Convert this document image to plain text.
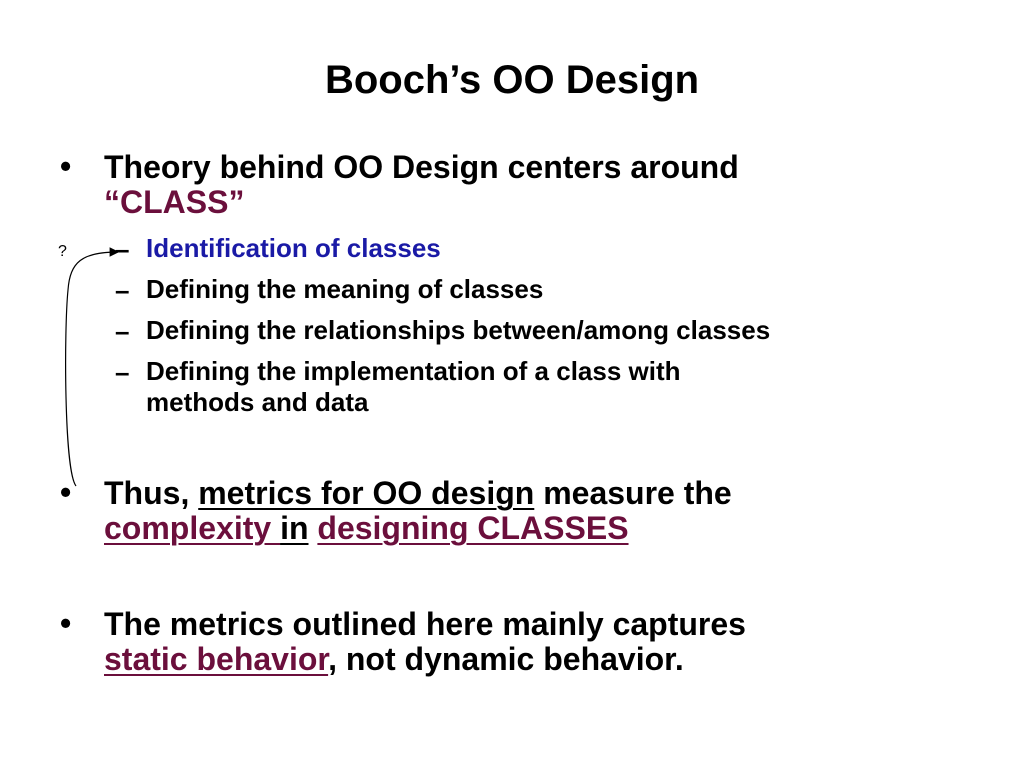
Booch’s OO Design
• Theory behind OO Design centers around
“CLASS”
– Identification of classes
– Defining the meaning of classes
– Defining the relationships between/among classes
– Defining the implementation of a class with
methods and data
• Thus, metrics for OO design measure the
complexity in designing CLASSES
• The metrics outlined here mainly captures
static behavior, not dynamic behavior.
?
